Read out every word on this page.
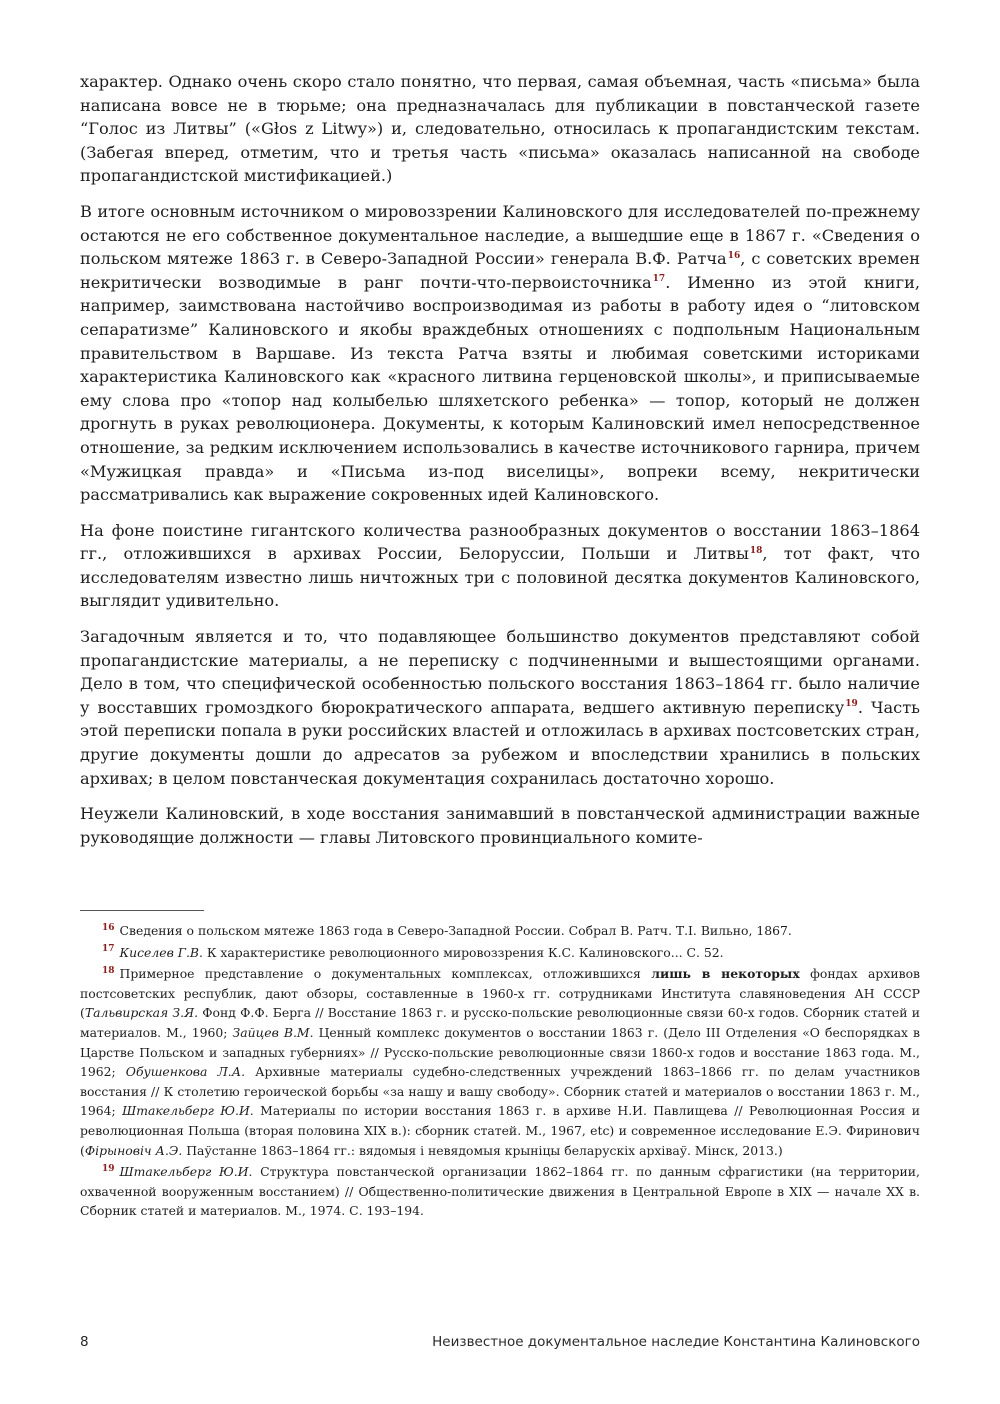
характер. Однако очень скоро стало понятно, что первая, самая объемная, часть «письма» была написана вовсе не в тюрьме; она предназначалась для публикации в повстанческой газете “Голос из Литвы” («Głos z Litwy») и, следовательно, относилась к пропагандистским текстам. (Забегая вперед, отметим, что и третья часть «письма» оказалась написанной на свободе пропагандистской мистификацией.)

В итоге основным источником о мировоззрении Калиновского для исследователей по-прежнему остаются не его собственное документальное наследие, а вышедшие еще в 1867 г. «Сведения о польском мятеже 1863 г. в Северо-Западной России» генерала В.Ф. Ратча$^{16}$, с советских времен некритически возводимые в ранг почти-что-первоисточника$^{17}$. Именно из этой книги, например, заимствована настойчиво воспроизводимая из работы в работу идея о “литовском сепаратизме” Калиновского и якобы враждебных отношениях с подпольным Национальным правительством в Варшаве. Из текста Ратча взяты и любимая советскими историками характеристика Калиновского как «красного литвина герценовской школы», и приписываемые ему слова про «топор над колыбелью шляхетского ребенка» — топор, который не должен дрогнуть в руках революционера. Документы, к которым Калиновский имел непосредственное отношение, за редким исключением использовались в качестве источникового гарнира, причем «Мужицкая правда» и «Письма из-под виселицы», вопреки всему, некритически рассматривались как выражение сокровенных идей Калиновского.

На фоне поистине гигантского количества разнообразных документов о восстании 1863–1864 гг., отложившихся в архивах России, Белоруссии, Польши и Литвы$^{18}$, тот факт, что исследователям известно лишь ничтожных три с половиной десятка документов Калиновского, выглядит удивительно.

Загадочным является и то, что подавляющее большинство документов представляют собой пропагандистские материалы, а не переписку с подчиненными и вышестоящими органами. Дело в том, что специфической особенностью польского восстания 1863–1864 гг. было наличие у восставших громоздкого бюрократического аппарата, ведшего активную переписку$^{19}$. Часть этой переписки попала в руки российских властей и отложилась в архивах постсоветских стран, другие документы дошли до адресатов за рубежом и впоследствии хранились в польских архивах; в целом повстанческая документация сохранилась достаточно хорошо.

Неужели Калиновский, в ходе восстания занимавший в повстанческой администрации важные руководящие должности — главы Литовского провинциального комите-

$^{16}$ Сведения о польском мятеже 1863 года в Северо-Западной России. Собрал В. Ратч. Т.I. Вильно, 1867.

$^{17}$ Киселев Г.В. К характеристике революционного мировоззрения К.С. Калиновского... С. 52.

$^{18}$ Примерное представление о документальных комплексах, отложившихся лишь в некоторых фондах архивов постсоветских республик, дают обзоры, составленные в 1960-х гг. сотрудниками Института славяноведения АН СССР (Тальвирская З.Я. Фонд Ф.Ф. Берга // Восстание 1863 г. и русско-польские революционные связи 60-х годов. Сборник статей и материалов. М., 1960; Зайцев В.М. Ценный комплекс документов о восстании 1863 г. (Дело III Отделения «О беспорядках в Царстве Польском и западных губерниях» // Русско-польские революционные связи 1860-х годов и восстание 1863 года. М., 1962; Обушенкова Л.А. Архивные материалы судебно-следственных учреждений 1863–1866 гг. по делам участников восстания // К столетию героической борьбы «за нашу и вашу свободу». Сборник статей и материалов о восстании 1863 г. М., 1964; Штакельберг Ю.И. Материалы по истории восстания 1863 г. в архиве Н.И. Павлищева // Революционная Россия и революционная Польша (вторая половина XIX в.): сборник статей. М., 1967, etc) и современное исследование Е.Э. Фиринович (Фірыновіч А.Э. Паўстанне 1863–1864 гг.: вядомыя і невядомыя крыніцы беларускіх архіваў. Мінск, 2013.)

$^{19}$ Штакельберг Ю.И. Структура повстанческой организации 1862–1864 гг. по данным сфрагистики (на территории, охваченной вооруженным восстанием) // Общественно-политические движения в Центральной Европе в XIX — начале XX в. Сборник статей и материалов. М., 1974. С. 193–194.

8	Неизвестное документальное наследие Константина Калиновского
